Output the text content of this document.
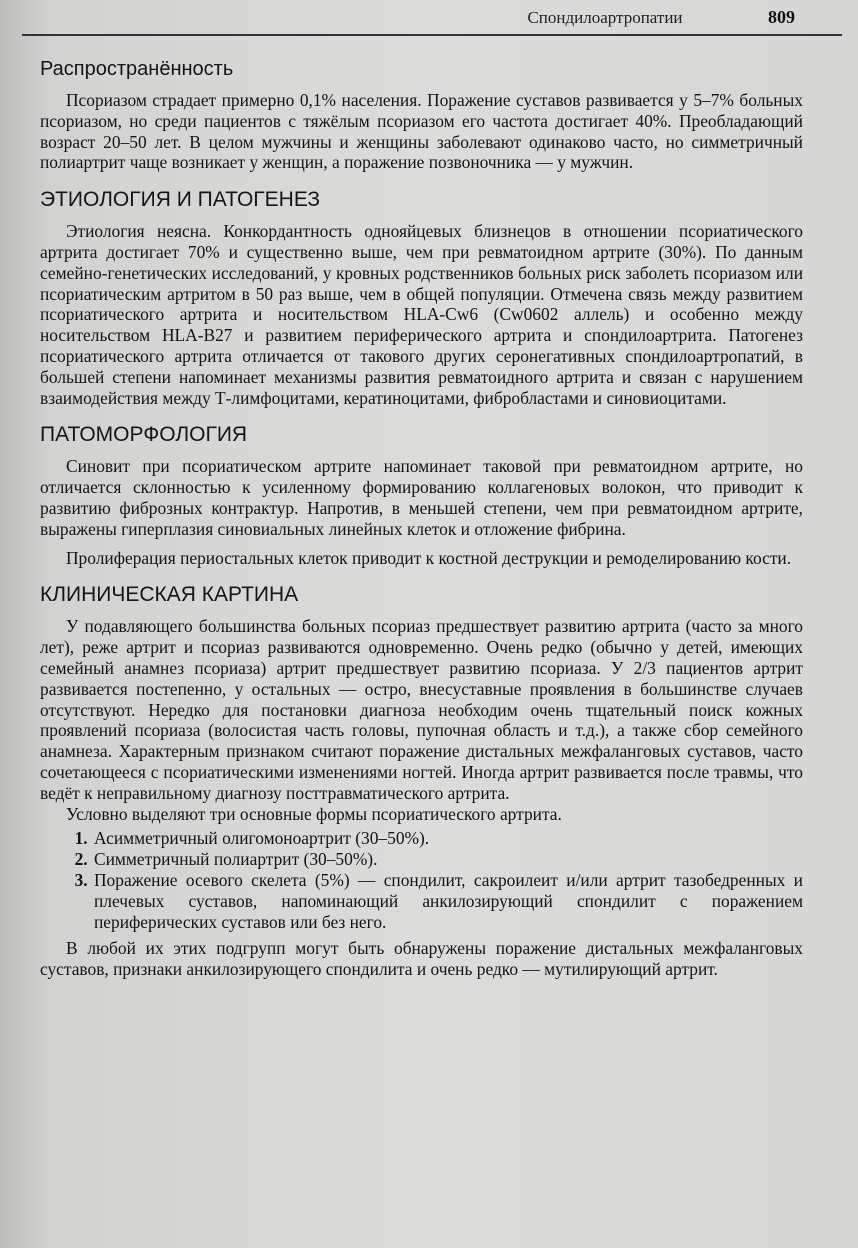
Спондилоартропатии	809
Распространённость

Псориазом страдает примерно 0,1% населения. Поражение суставов развивается у 5–7% больных псориазом, но среди пациентов с тяжёлым псориазом его частота достигает 40%. Преобладающий возраст 20–50 лет. В целом мужчины и женщины заболевают одинаково часто, но симметричный полиартрит чаще возникает у женщин, а поражение позвоночника — у мужчин.

ЭТИОЛОГИЯ И ПАТОГЕНЕЗ

Этиология неясна. Конкордантность однояйцевых близнецов в отношении псориатического артрита достигает 70% и существенно выше, чем при ревматоидном артрите (30%). По данным семейно-генетических исследований, у кровных родственников больных риск заболеть псориазом или псориатическим артритом в 50 раз выше, чем в общей популяции. Отмечена связь между развитием псориатического артрита и носительством HLA-Cw6 (Cw0602 аллель) и особенно между носительством HLA-B27 и развитием периферического артрита и спондилоартрита. Патогенез псориатического артрита отличается от такового других серонегативных спондилоартропатий, в большей степени напоминает механизмы развития ревматоидного артрита и связан с нарушением взаимодействия между Т-лимфоцитами, кератиноцитами, фибробластами и синовиоцитами.

ПАТОМОРФОЛОГИЯ

Синовит при псориатическом артрите напоминает таковой при ревматоидном артрите, но отличается склонностью к усиленному формированию коллагеновых волокон, что приводит к развитию фиброзных контрактур. Напротив, в меньшей степени, чем при ревматоидном артрите, выражены гиперплазия синовиальных линейных клеток и отложение фибрина.

Пролиферация периостальных клеток приводит к костной деструкции и ремоделированию кости.

КЛИНИЧЕСКАЯ КАРТИНА

У подавляющего большинства больных псориаз предшествует развитию артрита (часто за много лет), реже артрит и псориаз развиваются одновременно. Очень редко (обычно у детей, имеющих семейный анамнез псориаза) артрит предшествует развитию псориаза. У 2/3 пациентов артрит развивается постепенно, у остальных — остро, внесуставные проявления в большинстве случаев отсутствуют. Нередко для постановки диагноза необходим очень тщательный поиск кожных проявлений псориаза (волосистая часть головы, пупочная область и т.д.), а также сбор семейного анамнеза. Характерным признаком считают поражение дистальных межфаланговых суставов, часто сочетающееся с псориатическими изменениями ногтей. Иногда артрит развивается после травмы, что ведёт к неправильному диагнозу посттравматического артрита.

Условно выделяют три основные формы псориатического артрита.

1. Асимметричный олигомоноартрит (30–50%).
2. Симметричный полиартрит (30–50%).
3. Поражение осевого скелета (5%) — спондилит, сакроилеит и/или артрит тазобедренных и плечевых суставов, напоминающий анкилозирующий спондилит с поражением периферических суставов или без него.

В любой их этих подгрупп могут быть обнаружены поражение дистальных межфаланговых суставов, признаки анкилозирующего спондилита и очень редко — мутилирующий артрит.
